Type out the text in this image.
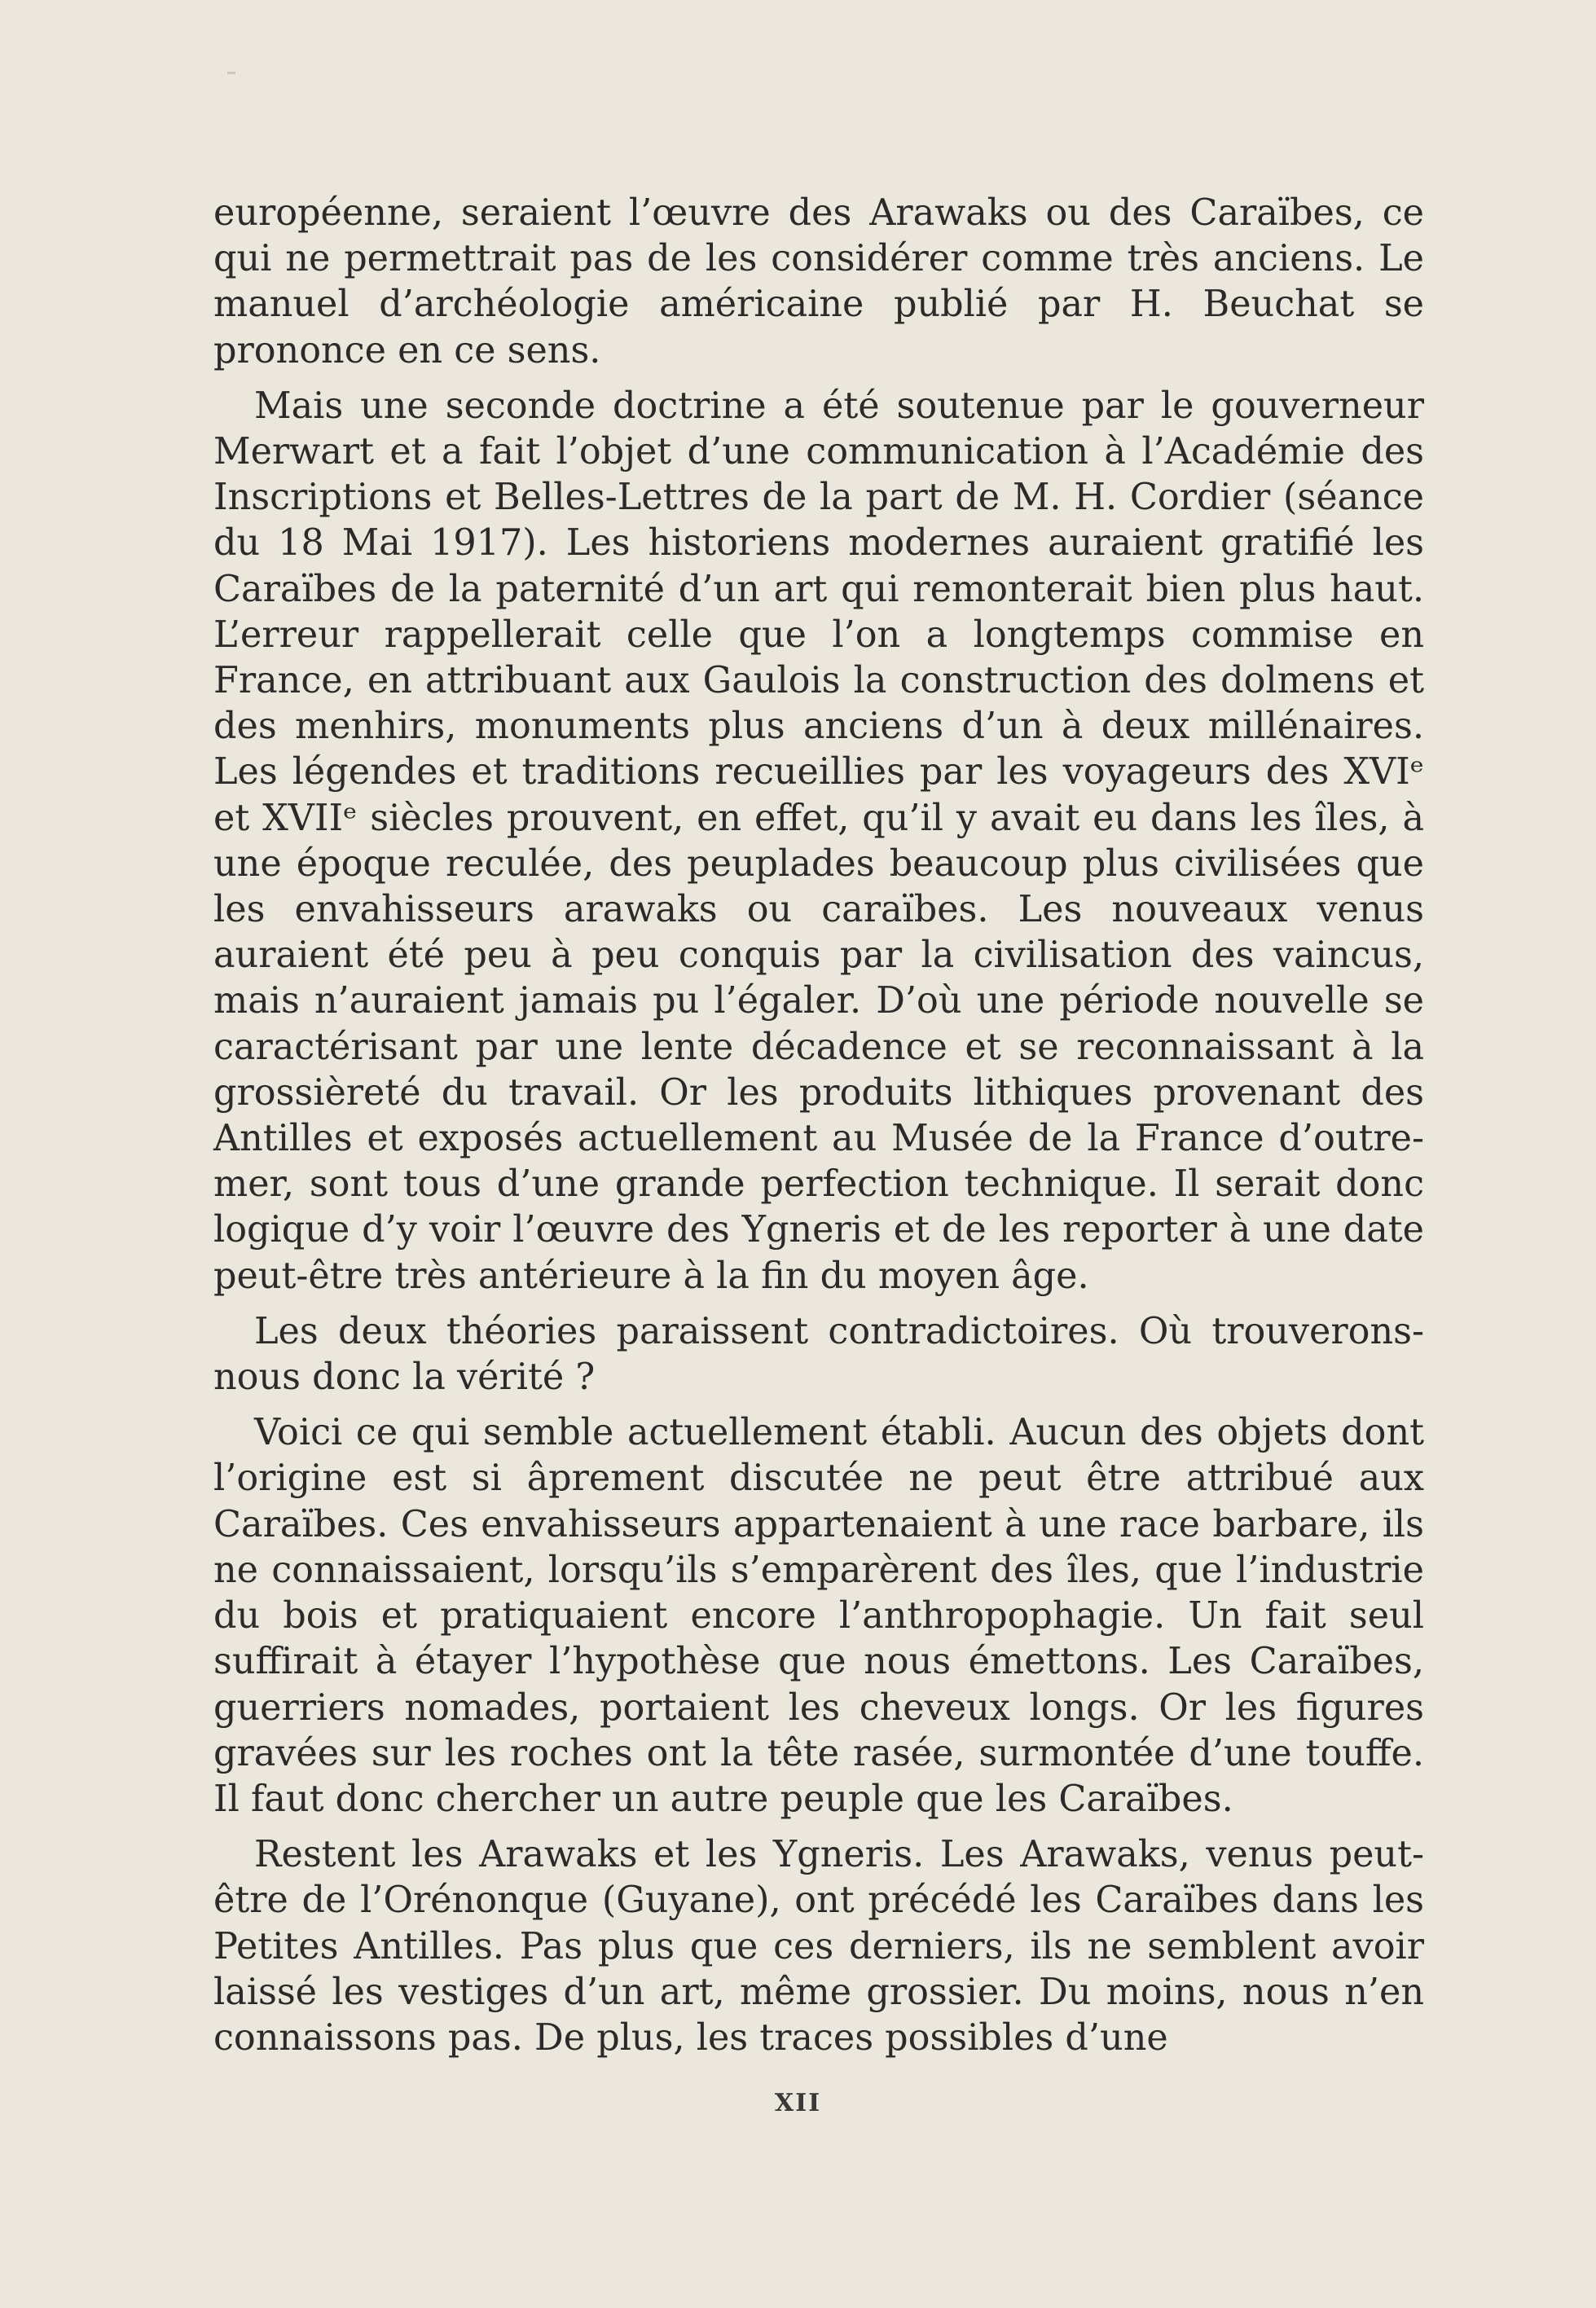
européenne, seraient l’œuvre des Arawaks ou des Caraïbes, ce qui ne permettrait pas de les considérer comme très anciens. Le manuel d’archéologie américaine publié par H. Beuchat se prononce en ce sens.

Mais une seconde doctrine a été soutenue par le gouverneur Merwart et a fait l’objet d’une communication à l’Académie des Inscriptions et Belles-Lettres de la part de M. H. Cordier (séance du 18 Mai 1917). Les historiens modernes auraient gratifié les Caraïbes de la paternité d’un art qui remonterait bien plus haut. L’erreur rappellerait celle que l’on a longtemps commise en France, en attribuant aux Gaulois la construction des dolmens et des menhirs, monuments plus anciens d’un à deux millénaires. Les légendes et traditions recueillies par les voyageurs des XVIᵉ et XVIIᵉ siècles prouvent, en effet, qu’il y avait eu dans les îles, à une époque reculée, des peuplades beaucoup plus civilisées que les envahisseurs arawaks ou caraïbes. Les nouveaux venus auraient été peu à peu conquis par la civilisation des vaincus, mais n’auraient jamais pu l’égaler. D’où une période nouvelle se caractérisant par une lente décadence et se reconnaissant à la grossièreté du travail. Or les produits lithiques provenant des Antilles et exposés actuellement au Musée de la France d’outre-mer, sont tous d’une grande perfection technique. Il serait donc logique d’y voir l’œuvre des Ygneris et de les reporter à une date peut-être très antérieure à la fin du moyen âge.

Les deux théories paraissent contradictoires. Où trouverons-nous donc la vérité ?

Voici ce qui semble actuellement établi. Aucun des objets dont l’origine est si âprement discutée ne peut être attribué aux Caraïbes. Ces envahisseurs appartenaient à une race barbare, ils ne connaissaient, lorsqu’ils s’emparèrent des îles, que l’industrie du bois et pratiquaient encore l’anthropophagie. Un fait seul suffirait à étayer l’hypothèse que nous émettons. Les Caraïbes, guerriers nomades, portaient les cheveux longs. Or les figures gravées sur les roches ont la tête rasée, surmontée d’une touffe. Il faut donc chercher un autre peuple que les Caraïbes.

Restent les Arawaks et les Ygneris. Les Arawaks, venus peut-être de l’Orénonque (Guyane), ont précédé les Caraïbes dans les Petites Antilles. Pas plus que ces derniers, ils ne semblent avoir laissé les vestiges d’un art, même grossier. Du moins, nous n’en connaissons pas. De plus, les traces possibles d’une

XII
